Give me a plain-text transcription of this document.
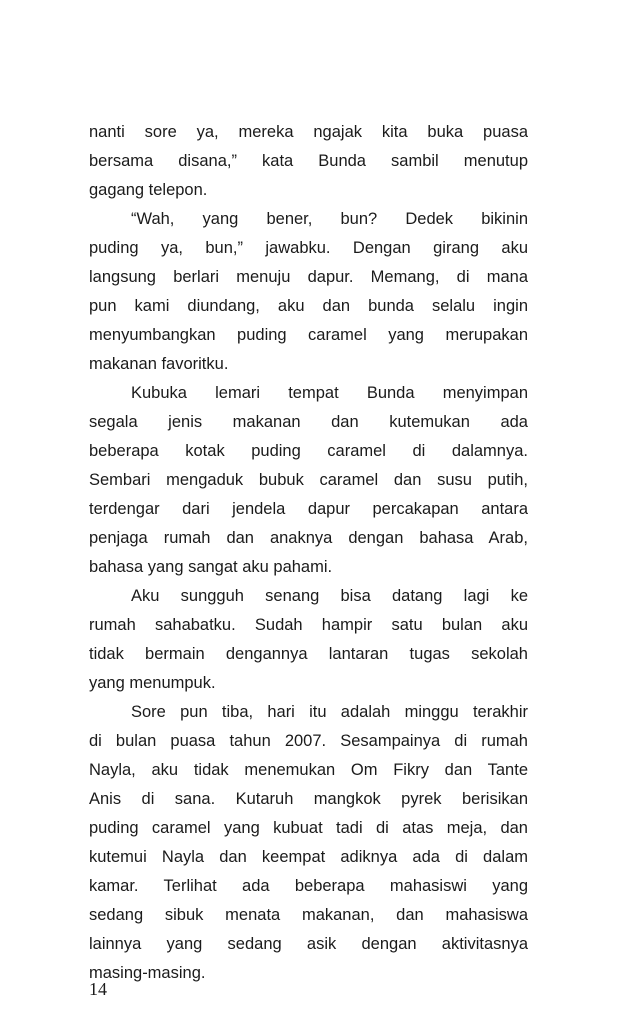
nanti sore ya, mereka ngajak kita buka puasa
bersama disana,” kata Bunda sambil menutup
gagang telepon.
“Wah, yang bener, bun? Dedek bikinin
puding ya, bun,” jawabku. Dengan girang aku
langsung berlari menuju dapur. Memang, di mana
pun kami diundang, aku dan bunda selalu ingin
menyumbangkan puding caramel yang merupakan
makanan favoritku.
Kubuka lemari tempat Bunda menyimpan
segala jenis makanan dan kutemukan ada
beberapa kotak puding caramel di dalamnya.
Sembari mengaduk bubuk caramel dan susu putih,
terdengar dari jendela dapur percakapan antara
penjaga rumah dan anaknya dengan bahasa Arab,
bahasa yang sangat aku pahami.
Aku sungguh senang bisa datang lagi ke
rumah sahabatku. Sudah hampir satu bulan aku
tidak bermain dengannya lantaran tugas sekolah
yang menumpuk.
Sore pun tiba, hari itu adalah minggu terakhir
di bulan puasa tahun 2007. Sesampainya di rumah
Nayla, aku tidak menemukan Om Fikry dan Tante
Anis di sana. Kutaruh mangkok pyrek berisikan
puding caramel yang kubuat tadi di atas meja, dan
kutemui Nayla dan keempat adiknya ada di dalam
kamar. Terlihat ada beberapa mahasiswi yang
sedang sibuk menata makanan, dan mahasiswa
lainnya yang sedang asik dengan aktivitasnya
masing-masing.
14
